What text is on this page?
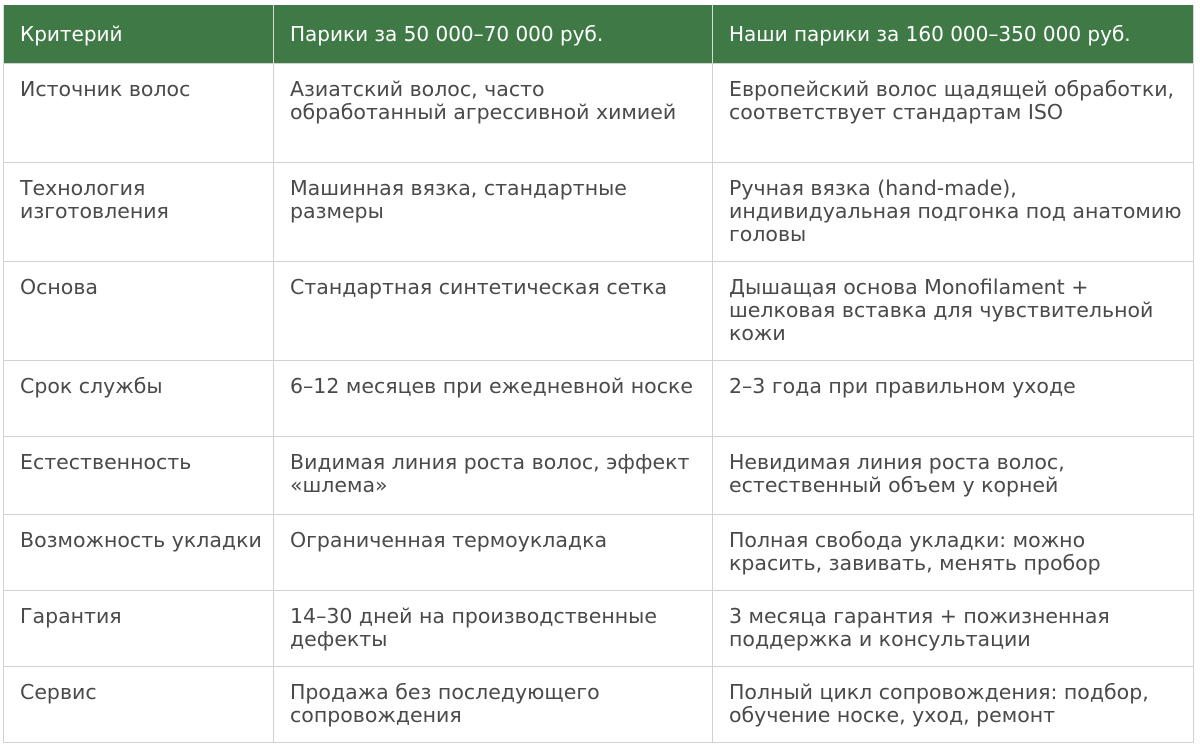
Критерий	Парики за 50 000–70 000 руб.	Наши парики за 160 000–350 000 руб.
Источник волос	Азиатский волос, часто обработанный агрессивной химией	Европейский волос щадящей обработки, соответствует стандартам ISO
Технология изготовления	Машинная вязка, стандартные размеры	Ручная вязка (hand-made), индивидуальная подгонка под анатомию головы
Основа	Стандартная синтетическая сетка	Дышащая основа Monofilament + шелковая вставка для чувствительной кожи
Срок службы	6–12 месяцев при ежедневной носке	2–3 года при правильном уходе
Естественность	Видимая линия роста волос, эффект «шлема»	Невидимая линия роста волос, естественный объем у корней
Возможность укладки	Ограниченная термоукладка	Полная свобода укладки: можно красить, завивать, менять пробор
Гарантия	14–30 дней на производственные дефекты	3 месяца гарантия + пожизненная поддержка и консультации
Сервис	Продажа без последующего сопровождения	Полный цикл сопровождения: подбор, обучение носке, уход, ремонт
